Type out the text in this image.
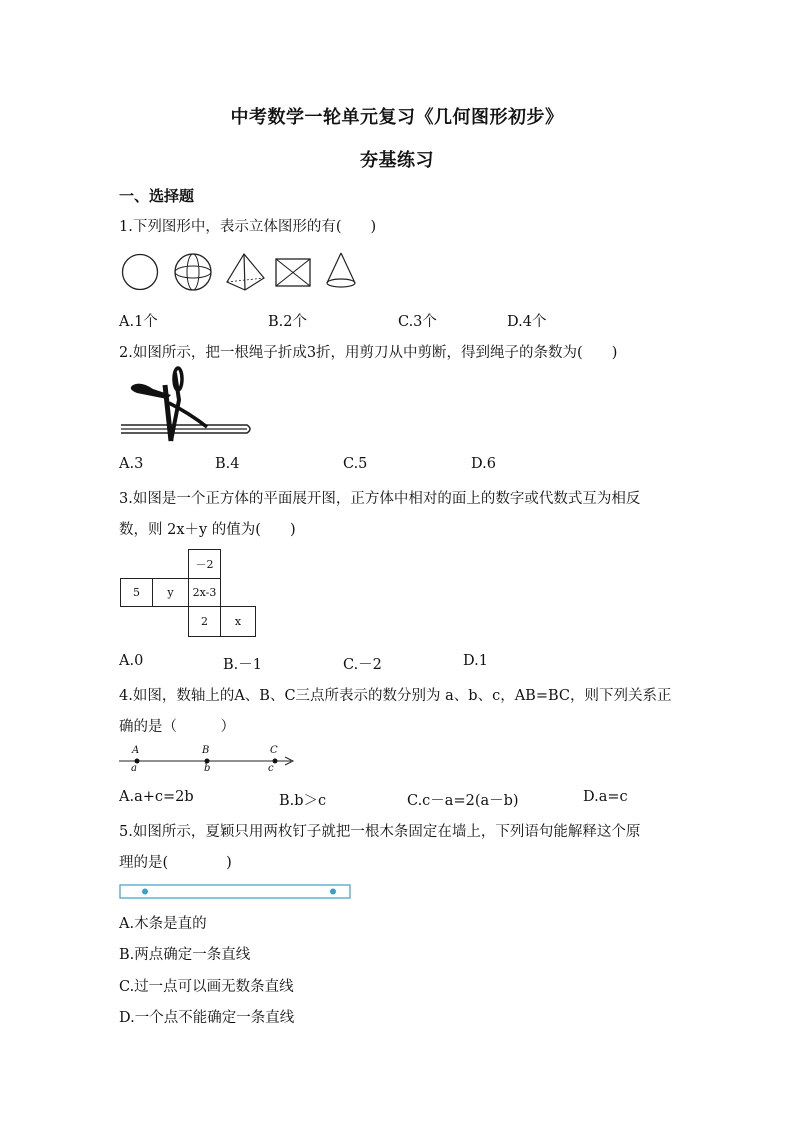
中考数学一轮单元复习《几何图形初步》
夯基练习
一、选择题
1.下列图形中，表示立体图形的有(　　)
A.1个	B.2个	C.3个	D.4个
2.如图所示，把一根绳子折成3折，用剪刀从中剪断，得到绳子的条数为(　　)
A.3	B.4	C.5	D.6
3.如图是一个正方体的平面展开图，正方体中相对的面上的数字或代数式互为相反
数，则 2x＋y 的值为(　　)
－2
5	y	2x-3
2	x
A.0	B.－1	C.－2	D.1
4.如图，数轴上的A、B、C三点所表示的数分别为 a、b、c，AB=BC，则下列关系正
确的是（　　　）
A
a
B
b
C
c
A.a+c=2b	B.b＞c	C.c－a=2(a－b)	D.a=c
5.如图所示，夏颖只用两枚钉子就把一根木条固定在墙上，下列语句能解释这个原
理的是(　　　　)
A.木条是直的
B.两点确定一条直线
C.过一点可以画无数条直线
D.一个点不能确定一条直线
